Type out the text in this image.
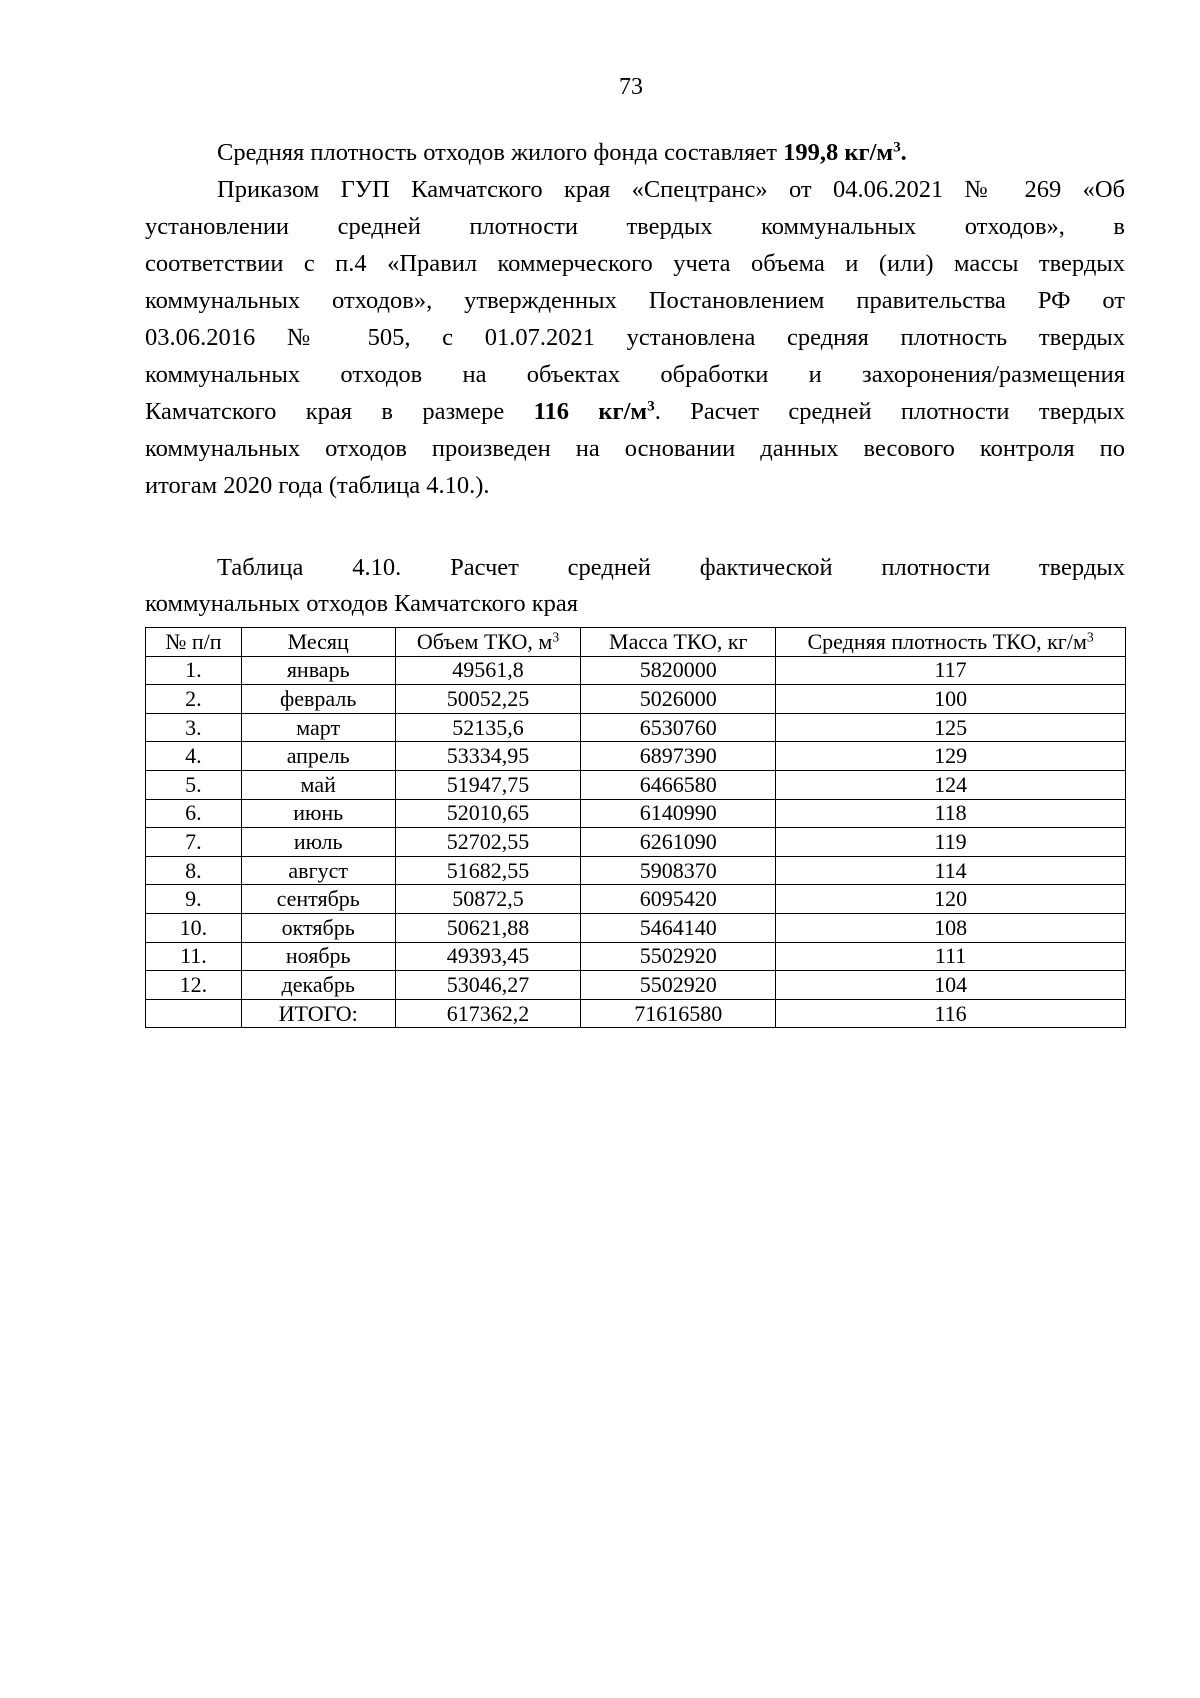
73

Средняя плотность отходов жилого фонда составляет 199,8 $кг/м^3$.

Приказом ГУП Камчатского края «Спецтранс» от 04.06.2021 № 269 «Об
установлении средней плотности твердых коммунальных отходов», в
соответствии с п.4 «Правил коммерческого учета объема и (или) массы твердых
коммунальных отходов», утвержденных Постановлением правительства РФ от
03.06.2016 № 505, с 01.07.2021 установлена средняя плотность твердых
коммунальных отходов на объектах обработки и захоронения/размещения
Камчатского края в размере 116 $кг/м^3$. Расчет средней плотности твердых
коммунальных отходов произведен на основании данных весового контроля по
итогам 2020 года (таблица 4.10.).
Таблица 4.10. Расчет средней фактической плотности твердых
коммунальных отходов Камчатского края
№ п/п	Месяц	Объем ТКО, $м^3$	Масса ТКО, кг	Средняя плотность ТКО, $кг/м^3$
1.	январь	49561,8	5820000	117
2.	февраль	50052,25	5026000	100
3.	март	52135,6	6530760	125
4.	апрель	53334,95	6897390	129
5.	май	51947,75	6466580	124
6.	июнь	52010,65	6140990	118
7.	июль	52702,55	6261090	119
8.	август	51682,55	5908370	114
9.	сентябрь	50872,5	6095420	120
10.	октябрь	50621,88	5464140	108
11.	ноябрь	49393,45	5502920	111
12.	декабрь	53046,27	5502920	104
	ИТОГО:	617362,2	71616580	116
